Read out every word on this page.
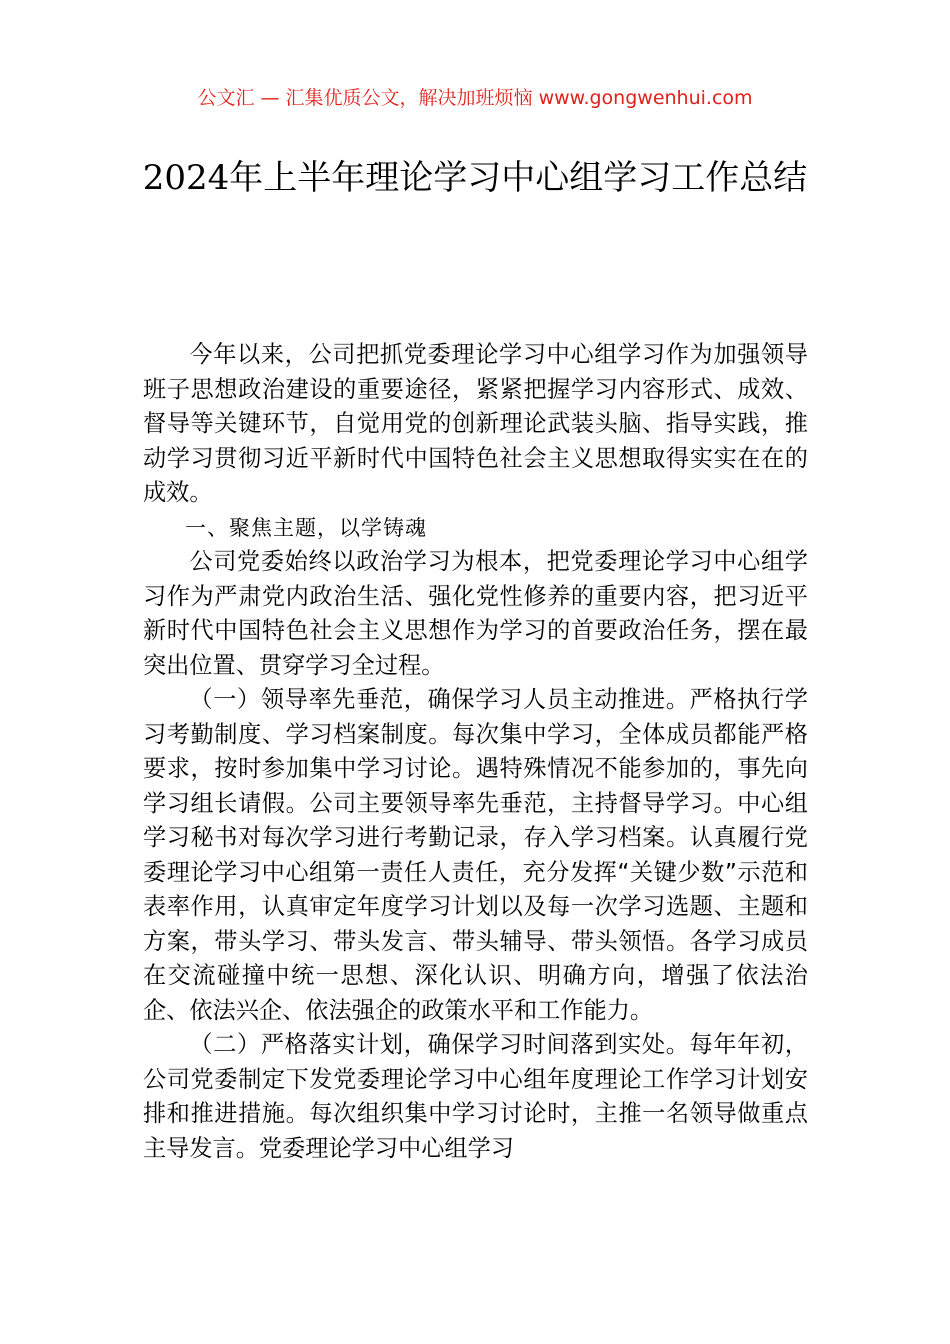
公文汇 — 汇集优质公文，解决加班烦恼 www.gongwenhui.com
2024年上半年理论学习中心组学习工作总结

今年以来，公司把抓党委理论学习中心组学习作为加强领导班子思想政治建设的重要途径，紧紧把握学习内容形式、成效、督导等关键环节，自觉用党的创新理论武装头脑、指导实践，推动学习贯彻习近平新时代中国特色社会主义思想取得实实在在的成效。

一、聚焦主题，以学铸魂

公司党委始终以政治学习为根本，把党委理论学习中心组学习作为严肃党内政治生活、强化党性修养的重要内容，把习近平新时代中国特色社会主义思想作为学习的首要政治任务，摆在最突出位置、贯穿学习全过程。

（一）领导率先垂范，确保学习人员主动推进。严格执行学习考勤制度、学习档案制度。每次集中学习，全体成员都能严格要求，按时参加集中学习讨论。遇特殊情况不能参加的，事先向学习组长请假。公司主要领导率先垂范，主持督导学习。中心组学习秘书对每次学习进行考勤记录，存入学习档案。认真履行党委理论学习中心组第一责任人责任，充分发挥“关键少数”示范和表率作用，认真审定年度学习计划以及每一次学习选题、主题和方案，带头学习、带头发言、带头辅导、带头领悟。各学习成员在交流碰撞中统一思想、深化认识、明确方向，增强了依法治企、依法兴企、依法强企的政策水平和工作能力。

（二）严格落实计划，确保学习时间落到实处。每年年初，公司党委制定下发党委理论学习中心组年度理论工作学习计划安排和推进措施。每次组织集中学习讨论时，主推一名领导做重点主导发言。党委理论学习中心组学习
